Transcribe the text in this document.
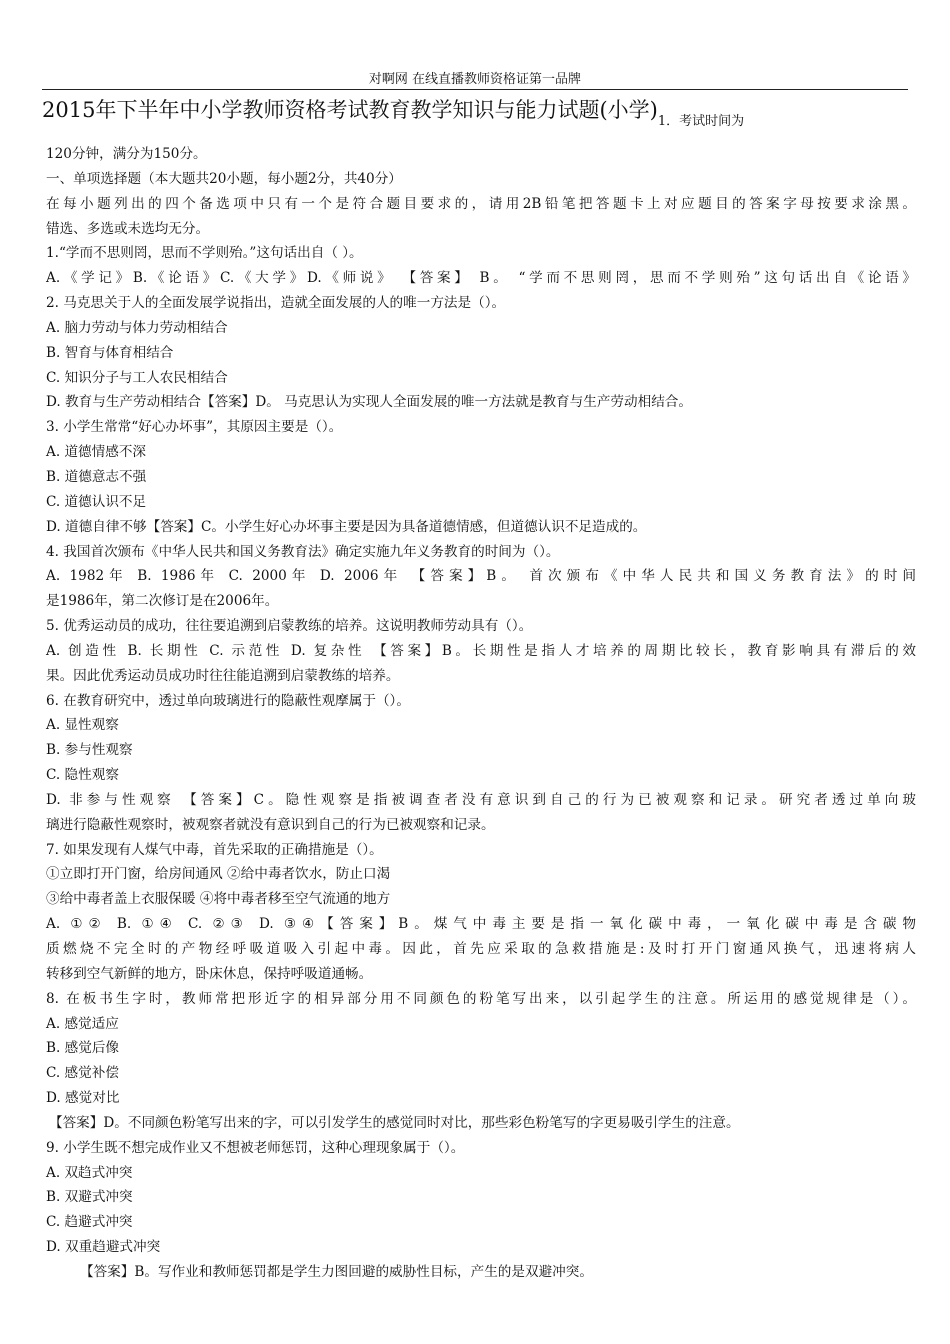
对啊网 在线直播教师资格证第一品牌
2015年下半年中小学教师资格考试教育教学知识与能力试题(小学)$_{1.考试时间为}$
120分钟，满分为150分。
一、单项选择题（本大题共20小题，每小题2分，共40分）
在每小题列出的四个备选项中只有一个是符合题目要求的，请用2B铅笔把答题卡上对应题目的答案字母按要求涂黑。
错选、多选或未选均无分。
1.“学而不思则罔，思而不学则殆。”这句话出自（ ）。
A.《学记》B.《论语》C.《大学》D.《师说》 【答案】 B。 “学而不思则罔，思而不学则殆”这句话出自《论语》
2. 马克思关于人的全面发展学说指出，造就全面发展的人的唯一方法是（）。
A. 脑力劳动与体力劳动相结合
B. 智育与体育相结合
C. 知识分子与工人农民相结合
D. 教育与生产劳动相结合【答案】D。 马克思认为实现人全面发展的唯一方法就是教育与生产劳动相结合。
3. 小学生常常“好心办坏事”，其原因主要是（）。
A. 道德情感不深
B. 道德意志不强
C. 道德认识不足
D. 道德自律不够【答案】C。小学生好心办坏事主要是因为具备道德情感，但道德认识不足造成的。
4. 我国首次颁布《中华人民共和国义务教育法》确定实施九年义务教育的时间为（）。
A. 1982年 B. 1986年 C. 2000年 D. 2006年 【答案】B。 首次颁布《中华人民共和国义务教育法》的时间
是1986年，第二次修订是在2006年。
5. 优秀运动员的成功，往往要追溯到启蒙教练的培养。这说明教师劳动具有（）。
A. 创造性 B. 长期性 C. 示范性 D. 复杂性 【答案】B。长期性是指人才培养的周期比较长，教育影响具有滞后的效
果。因此优秀运动员成功时往往能追溯到启蒙教练的培养。
6. 在教育研究中，透过单向玻璃进行的隐蔽性观摩属于（）。
A. 显性观察
B. 参与性观察
C. 隐性观察
D. 非参与性观察 【答案】C。隐性观察是指被调查者没有意识到自己的行为已被观察和记录。研究者透过单向玻
璃进行隐蔽性观察时，被观察者就没有意识到自己的行为已被观察和记录。
7. 如果发现有人煤气中毒，首先采取的正确措施是（）。
①立即打开门窗，给房间通风 ②给中毒者饮水，防止口渴
③给中毒者盖上衣服保暖 ④将中毒者移至空气流通的地方
A. ①② B. ①④ C. ②③ D. ③④【答案】B。煤气中毒主要是指一氧化碳中毒，一氧化碳中毒是含碳物
质燃烧不完全时的产物经呼吸道吸入引起中毒。因此，首先应采取的急救措施是:及时打开门窗通风换气，迅速将病人
转移到空气新鲜的地方，卧床休息，保持呼吸道通畅。
8. 在板书生字时，教师常把形近字的相异部分用不同颜色的粉笔写出来，以引起学生的注意。所运用的感觉规律是（）。
A. 感觉适应
B. 感觉后像
C. 感觉补偿
D. 感觉对比
【答案】D。不同颜色粉笔写出来的字，可以引发学生的感觉同时对比，那些彩色粉笔写的字更易吸引学生的注意。
9. 小学生既不想完成作业又不想被老师惩罚，这种心理现象属于（）。
A. 双趋式冲突
B. 双避式冲突
C. 趋避式冲突
D. 双重趋避式冲突
【答案】B。写作业和教师惩罚都是学生力图回避的威胁性目标，产生的是双避冲突。
